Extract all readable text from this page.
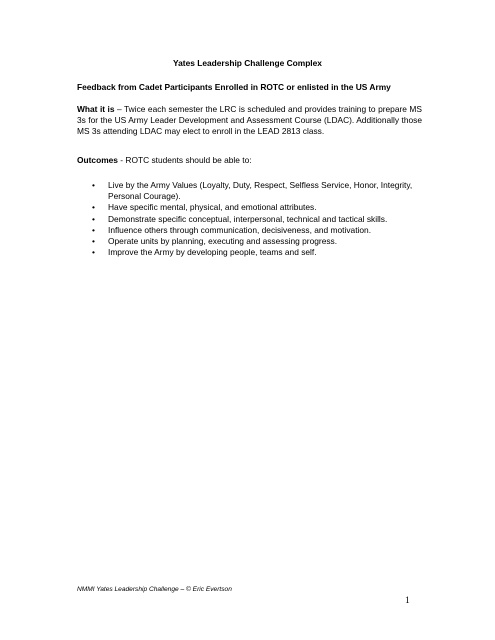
Yates Leadership Challenge Complex
Feedback from Cadet Participants Enrolled in ROTC or enlisted in the US Army
What it is – Twice each semester the LRC is scheduled and provides training to prepare MS 3s for the US Army Leader Development and Assessment Course (LDAC). Additionally those MS 3s attending LDAC may elect to enroll in the LEAD 2813 class.
Outcomes - ROTC students should be able to:
• Live by the Army Values (Loyalty, Duty, Respect, Selfless Service, Honor, Integrity, Personal Courage).
• Have specific mental, physical, and emotional attributes.
• Demonstrate specific conceptual, interpersonal, technical and tactical skills.
• Influence others through communication, decisiveness, and motivation.
• Operate units by planning, executing and assessing progress.
• Improve the Army by developing people, teams and self.
NMMI Yates Leadership Challenge – © Eric Evertson
1
